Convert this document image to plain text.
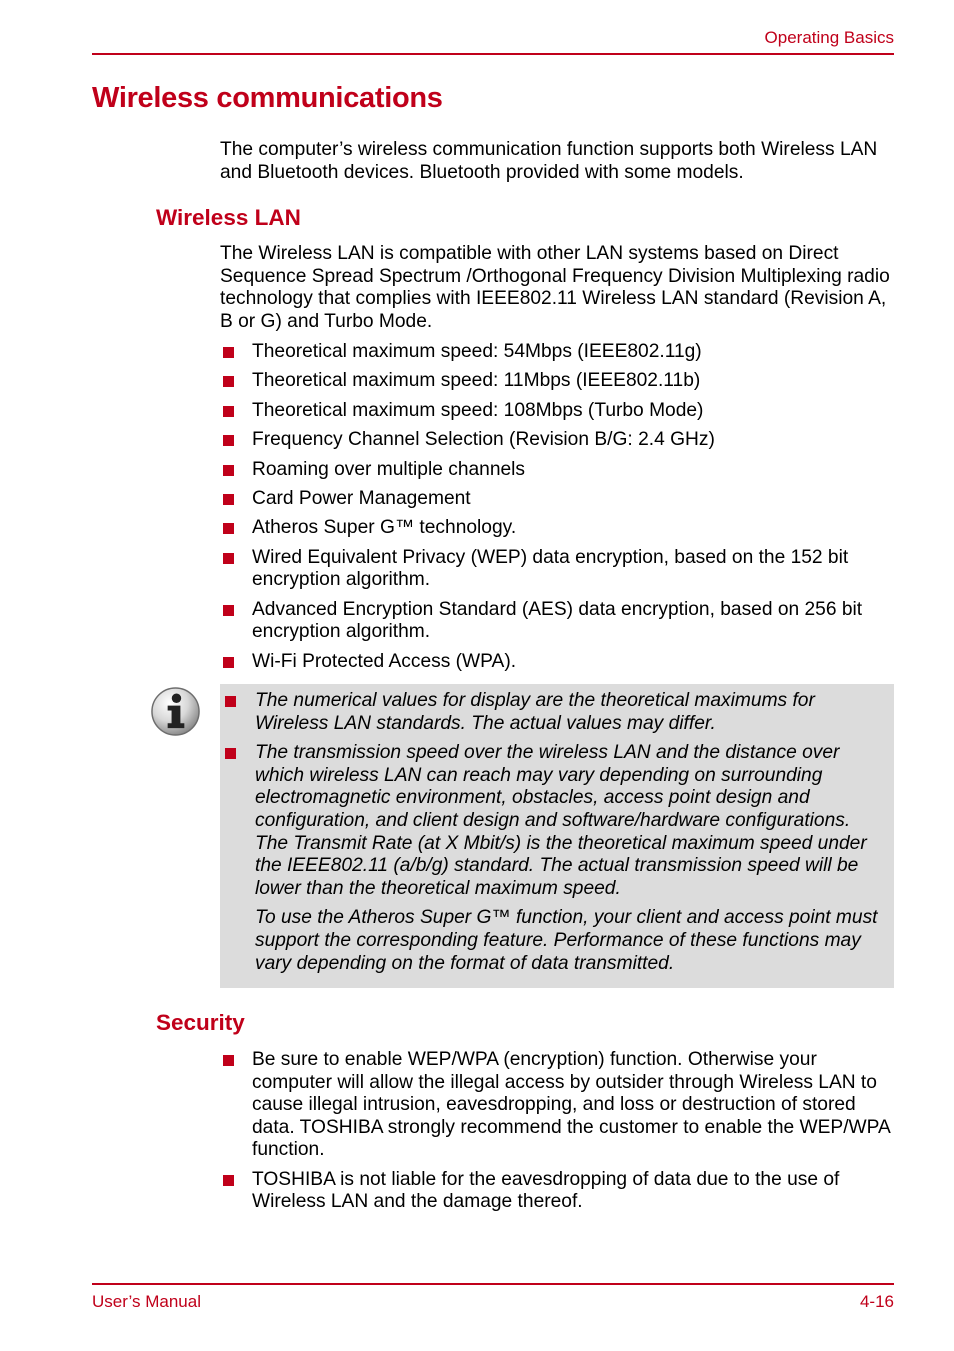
Operating Basics
Wireless communications

The computer’s wireless communication function supports both Wireless LAN and Bluetooth devices. Bluetooth provided with some models.

Wireless LAN

The Wireless LAN is compatible with other LAN systems based on Direct Sequence Spread Spectrum /Orthogonal Frequency Division Multiplexing radio technology that complies with IEEE802.11 Wireless LAN standard (Revision A, B or G) and Turbo Mode.

Theoretical maximum speed: 54Mbps (IEEE802.11g)
Theoretical maximum speed: 11Mbps (IEEE802.11b)
Theoretical maximum speed: 108Mbps (Turbo Mode)
Frequency Channel Selection (Revision B/G: 2.4 GHz)
Roaming over multiple channels
Card Power Management
Atheros Super G™ technology.
Wired Equivalent Privacy (WEP) data encryption, based on the 152 bit encryption algorithm.
Advanced Encryption Standard (AES) data encryption, based on 256 bit encryption algorithm.
Wi-Fi Protected Access (WPA).
The numerical values for display are the theoretical maximums for Wireless LAN standards. The actual values may differ.
The transmission speed over the wireless LAN and the distance over which wireless LAN can reach may vary depending on surrounding electromagnetic environment, obstacles, access point design and configuration, and client design and software/hardware configurations. The Transmit Rate (at X Mbit/s) is the theoretical maximum speed under the IEEE802.11 (a/b/g) standard. The actual transmission speed will be lower than the theoretical maximum speed.

To use the Atheros Super G™ function, your client and access point must support the corresponding feature. Performance of these functions may vary depending on the format of data transmitted.

Security
Be sure to enable WEP/WPA (encryption) function. Otherwise your computer will allow the illegal access by outsider through Wireless LAN to cause illegal intrusion, eavesdropping, and loss or destruction of stored data. TOSHIBA strongly recommend the customer to enable the WEP/WPA function.
TOSHIBA is not liable for the eavesdropping of data due to the use of Wireless LAN and the damage thereof.
User’s Manual	4-16
